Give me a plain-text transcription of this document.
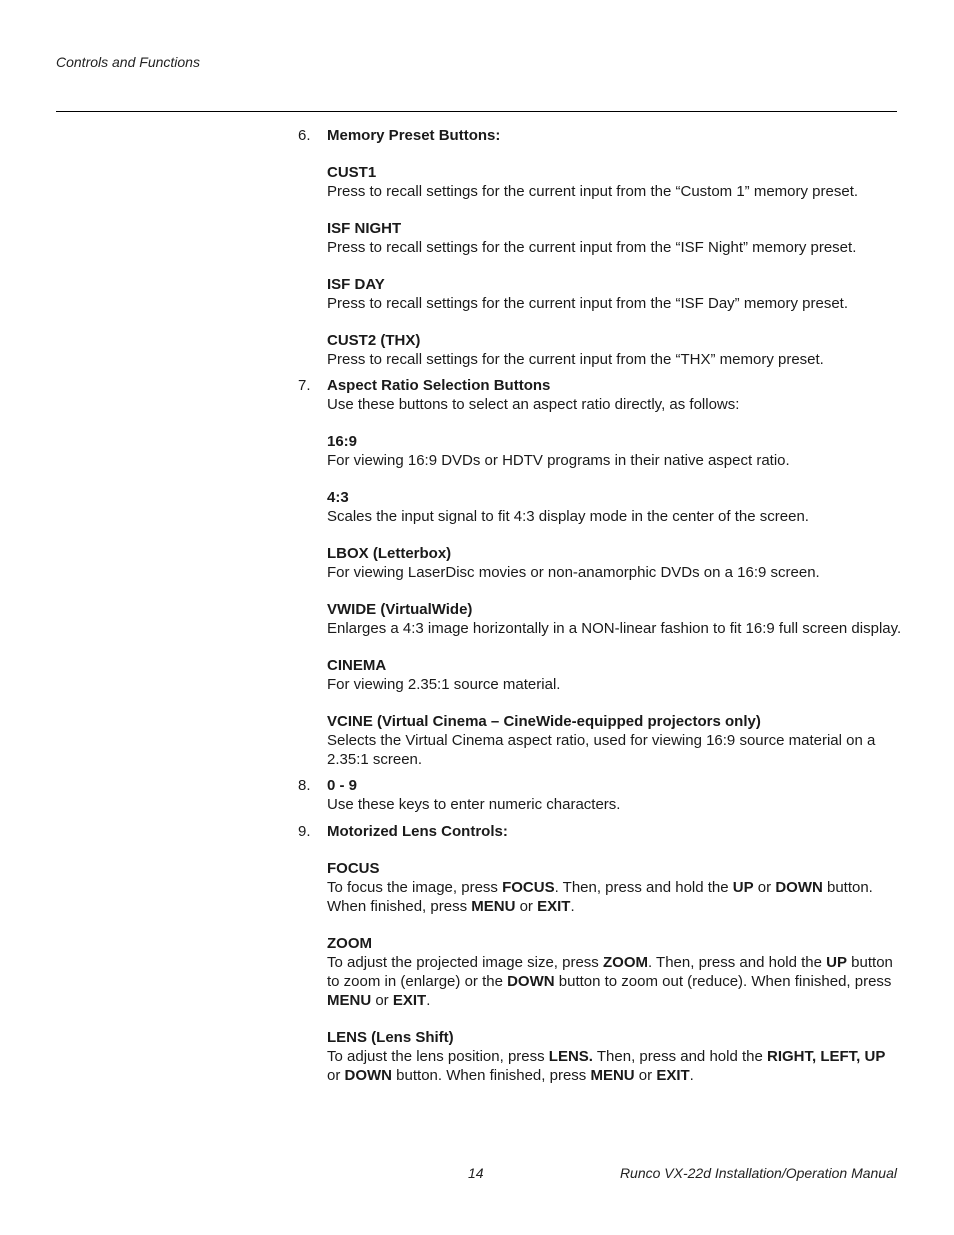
Controls and Functions
6. Memory Preset Buttons:
CUST1
Press to recall settings for the current input from the “Custom 1” memory preset.
ISF NIGHT
Press to recall settings for the current input from the “ISF Night” memory preset.
ISF DAY
Press to recall settings for the current input from the “ISF Day” memory preset.
CUST2 (THX)
Press to recall settings for the current input from the “THX” memory preset.
7. Aspect Ratio Selection Buttons
Use these buttons to select an aspect ratio directly, as follows:
16:9
For viewing 16:9 DVDs or HDTV programs in their native aspect ratio.
4:3
Scales the input signal to fit 4:3 display mode in the center of the screen.
LBOX (Letterbox)
For viewing LaserDisc movies or non-anamorphic DVDs on a 16:9 screen.
VWIDE (VirtualWide)
Enlarges a 4:3 image horizontally in a NON-linear fashion to fit 16:9 full screen display.
CINEMA
For viewing 2.35:1 source material.
VCINE (Virtual Cinema – CineWide-equipped projectors only)
Selects the Virtual Cinema aspect ratio, used for viewing 16:9 source material on a 2.35:1 screen.
8. 0 - 9
Use these keys to enter numeric characters.
9. Motorized Lens Controls:
FOCUS
To focus the image, press FOCUS. Then, press and hold the UP or DOWN button. When finished, press MENU or EXIT.
ZOOM
To adjust the projected image size, press ZOOM. Then, press and hold the UP button to zoom in (enlarge) or the DOWN button to zoom out (reduce). When finished, press MENU or EXIT.
LENS (Lens Shift)
To adjust the lens position, press LENS. Then, press and hold the RIGHT, LEFT, UP or DOWN button. When finished, press MENU or EXIT.
14	Runco VX-22d Installation/Operation Manual
